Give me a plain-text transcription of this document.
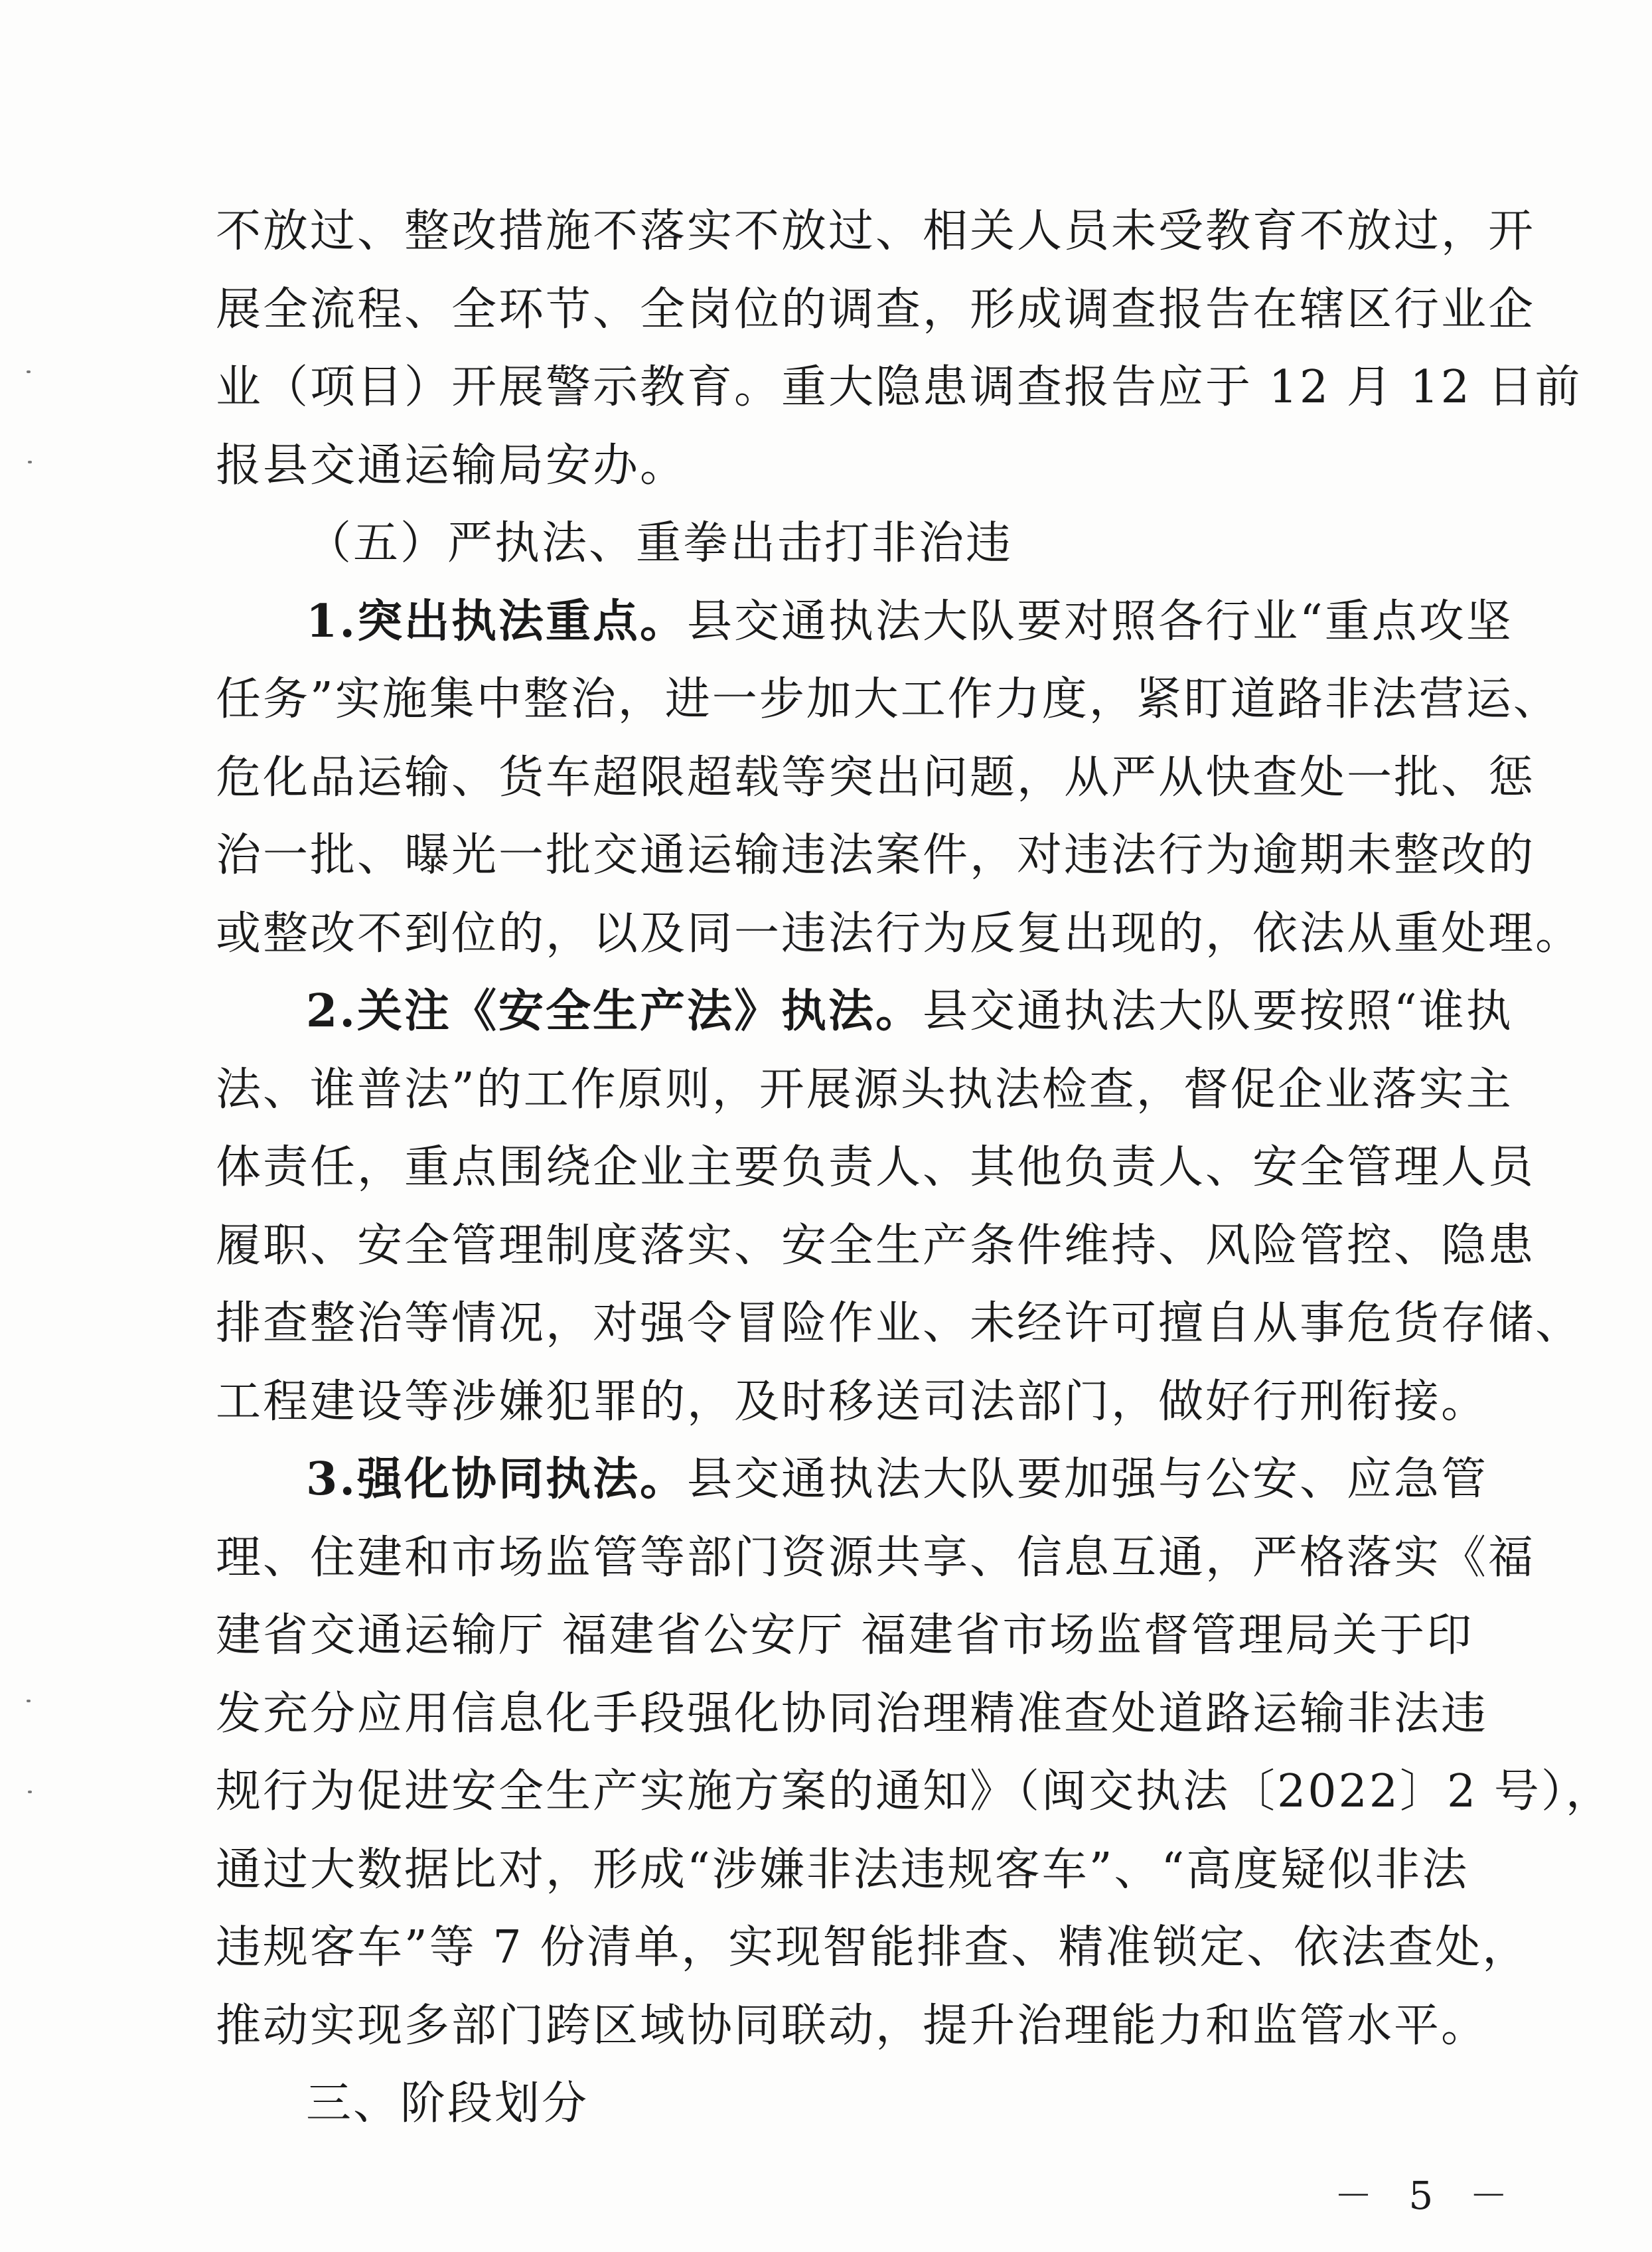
不放过、整改措施不落实不放过、相关人员未受教育不放过，开
展全流程、全环节、全岗位的调查，形成调查报告在辖区行业企
业（项目）开展警示教育。重大隐患调查报告应于 12 月 12 日前
报县交通运输局安办。
（五）严执法、重拳出击打非治违
1.突出执法重点。县交通执法大队要对照各行业“重点攻坚
任务”实施集中整治，进一步加大工作力度，紧盯道路非法营运、
危化品运输、货车超限超载等突出问题，从严从快查处一批、惩
治一批、曝光一批交通运输违法案件，对违法行为逾期未整改的
或整改不到位的，以及同一违法行为反复出现的，依法从重处理。
2.关注《安全生产法》执法。县交通执法大队要按照“谁执
法、谁普法”的工作原则，开展源头执法检查，督促企业落实主
体责任，重点围绕企业主要负责人、其他负责人、安全管理人员
履职、安全管理制度落实、安全生产条件维持、风险管控、隐患
排查整治等情况，对强令冒险作业、未经许可擅自从事危货存储、
工程建设等涉嫌犯罪的，及时移送司法部门，做好行刑衔接。
3.强化协同执法。县交通执法大队要加强与公安、应急管
理、住建和市场监管等部门资源共享、信息互通，严格落实《福
建省交通运输厅 福建省公安厅 福建省市场监督管理局关于印
发充分应用信息化手段强化协同治理精准查处道路运输非法违
规行为促进安全生产实施方案的通知》（闽交执法〔2022〕2 号），
通过大数据比对，形成“涉嫌非法违规客车”、“高度疑似非法
违规客车”等 7 份清单，实现智能排查、精准锁定、依法查处，
推动实现多部门跨区域协同联动，提升治理能力和监管水平。
三、阶段划分
－ 5 －
